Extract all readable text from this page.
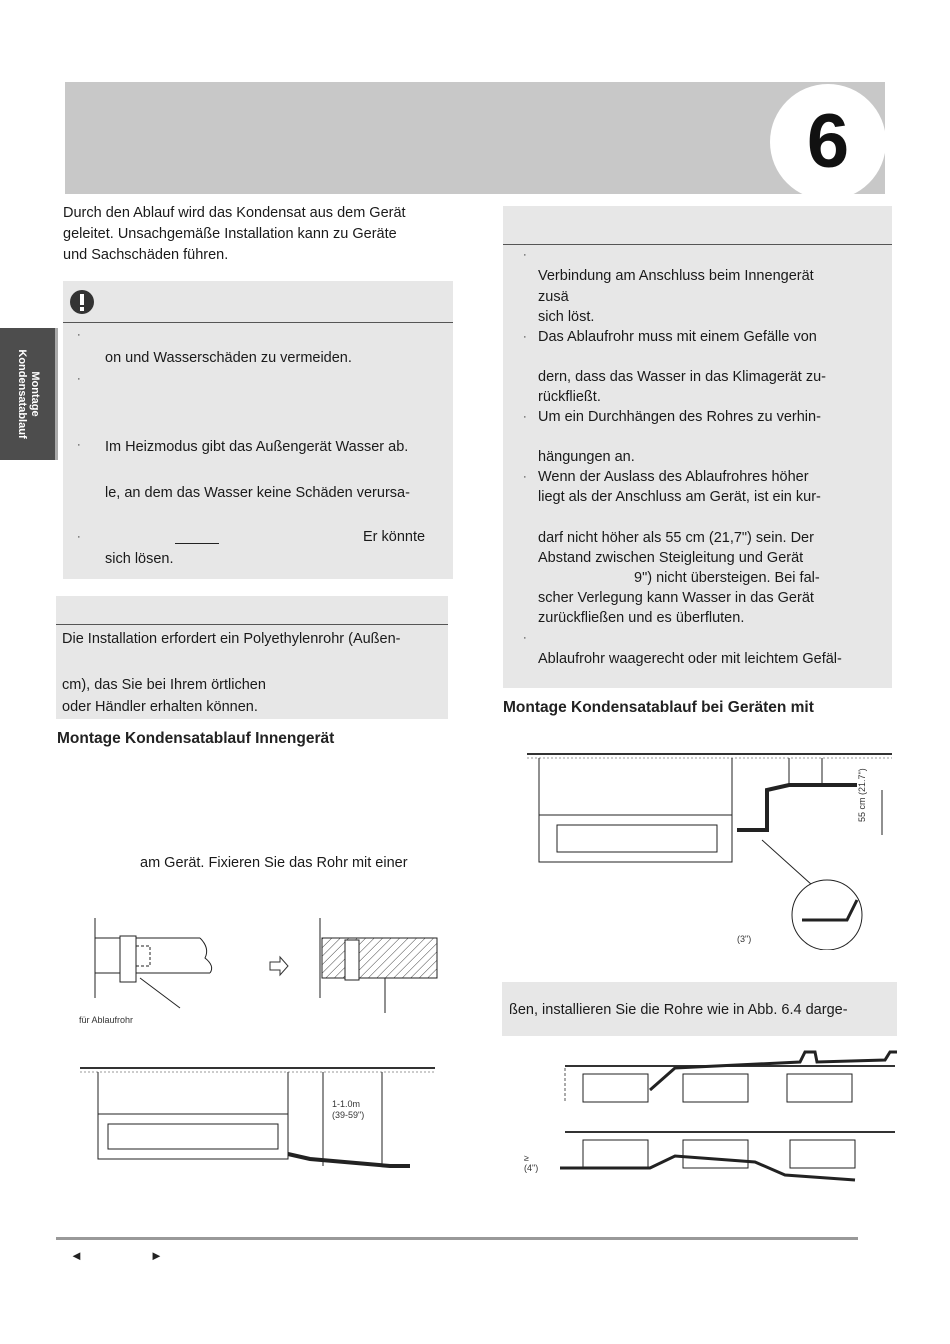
6
Montage
Kondensatablauf
Durch den Ablauf wird das Kondensat aus dem Gerät
geleitet. Unsachgemäße Installation kann zu Geräte
und Sachschäden führen.
·
on und Wasserschäden zu vermeiden.
·
· Im Heizmodus gibt das Außengerät Wasser ab.
le, an dem das Wasser keine Schäden verursa-
·	Er könnte
sich lösen.
Die Installation erfordert ein Polyethylenrohr (Außen-
cm), das Sie bei Ihrem örtlichen
oder Händler erhalten können.
Montage Kondensatablauf Innengerät
am Gerät. Fixieren Sie das Rohr mit einer
für Ablaufrohr
1-1.0m
(39-59")
·
Verbindung am Anschluss beim Innengerät
zusä
sich löst.
· Das Ablaufrohr muss mit einem Gefälle von
dern, dass das Wasser in das Klimagerät zu-
rückfließt.
· Um ein Durchhängen des Rohres zu verhin-
hängungen an.
· Wenn der Auslass des Ablaufrohres höher
liegt als der Anschluss am Gerät, ist ein kur-
darf nicht höher als 55 cm (21,7") sein. Der
Abstand zwischen Steigleitung und Gerät
9") nicht übersteigen. Bei fal-
scher Verlegung kann Wasser in das Gerät
zurückfließen und es überfluten.
·
Ablaufrohr waagerecht oder mit leichtem Gefäl-
Montage Kondensatablauf bei Geräten mit
55 cm (21.7")
(3")
ßen, installieren Sie die Rohre wie in Abb. 6.4 darge-
≥
(4")
◄	►
